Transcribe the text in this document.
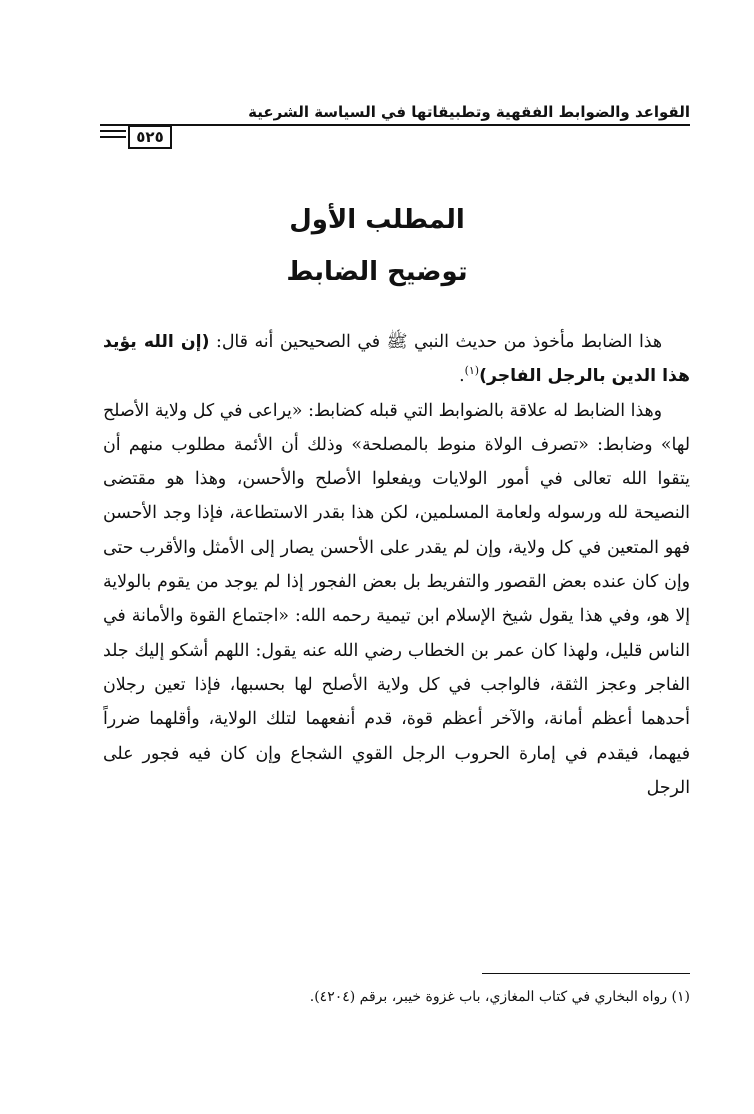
القواعد والضوابط الفقهية وتطبيقاتها في السياسة الشرعية
٥٢٥
المطلب الأول
توضيح الضابط

هذا الضابط مأخوذ من حديث النبي ﷺ في الصحيحين أنه قال: (إن الله يؤيد هذا الدين بالرجل الفاجر)$^{(١)}$.

وهذا الضابط له علاقة بالضوابط التي قبله كضابط: «يراعى في كل ولاية الأصلح لها» وضابط: «تصرف الولاة منوط بالمصلحة» وذلك أن الأئمة مطلوب منهم أن يتقوا الله تعالى في أمور الولايات ويفعلوا الأصلح والأحسن، وهذا هو مقتضى النصيحة لله ورسوله ولعامة المسلمين، لكن هذا بقدر الاستطاعة، فإذا وجد الأحسن فهو المتعين في كل ولاية، وإن لم يقدر على الأحسن يصار إلى الأمثل والأقرب حتى وإن كان عنده بعض القصور والتفريط بل بعض الفجور إذا لم يوجد من يقوم بالولاية إلا هو، وفي هذا يقول شيخ الإسلام ابن تيمية رحمه الله: «اجتماع القوة والأمانة في الناس قليل، ولهذا كان عمر بن الخطاب رضي الله عنه يقول: اللهم أشكو إليك جلد الفاجر وعجز الثقة، فالواجب في كل ولاية الأصلح لها بحسبها، فإذا تعين رجلان أحدهما أعظم أمانة، والآخر أعظم قوة، قدم أنفعهما لتلك الولاية، وأقلهما ضرراً فيهما، فيقدم في إمارة الحروب الرجل القوي الشجاع وإن كان فيه فجور على الرجل

(١) رواه البخاري في كتاب المغازي، باب غزوة خيبر، برقم (٤٢٠٤).
